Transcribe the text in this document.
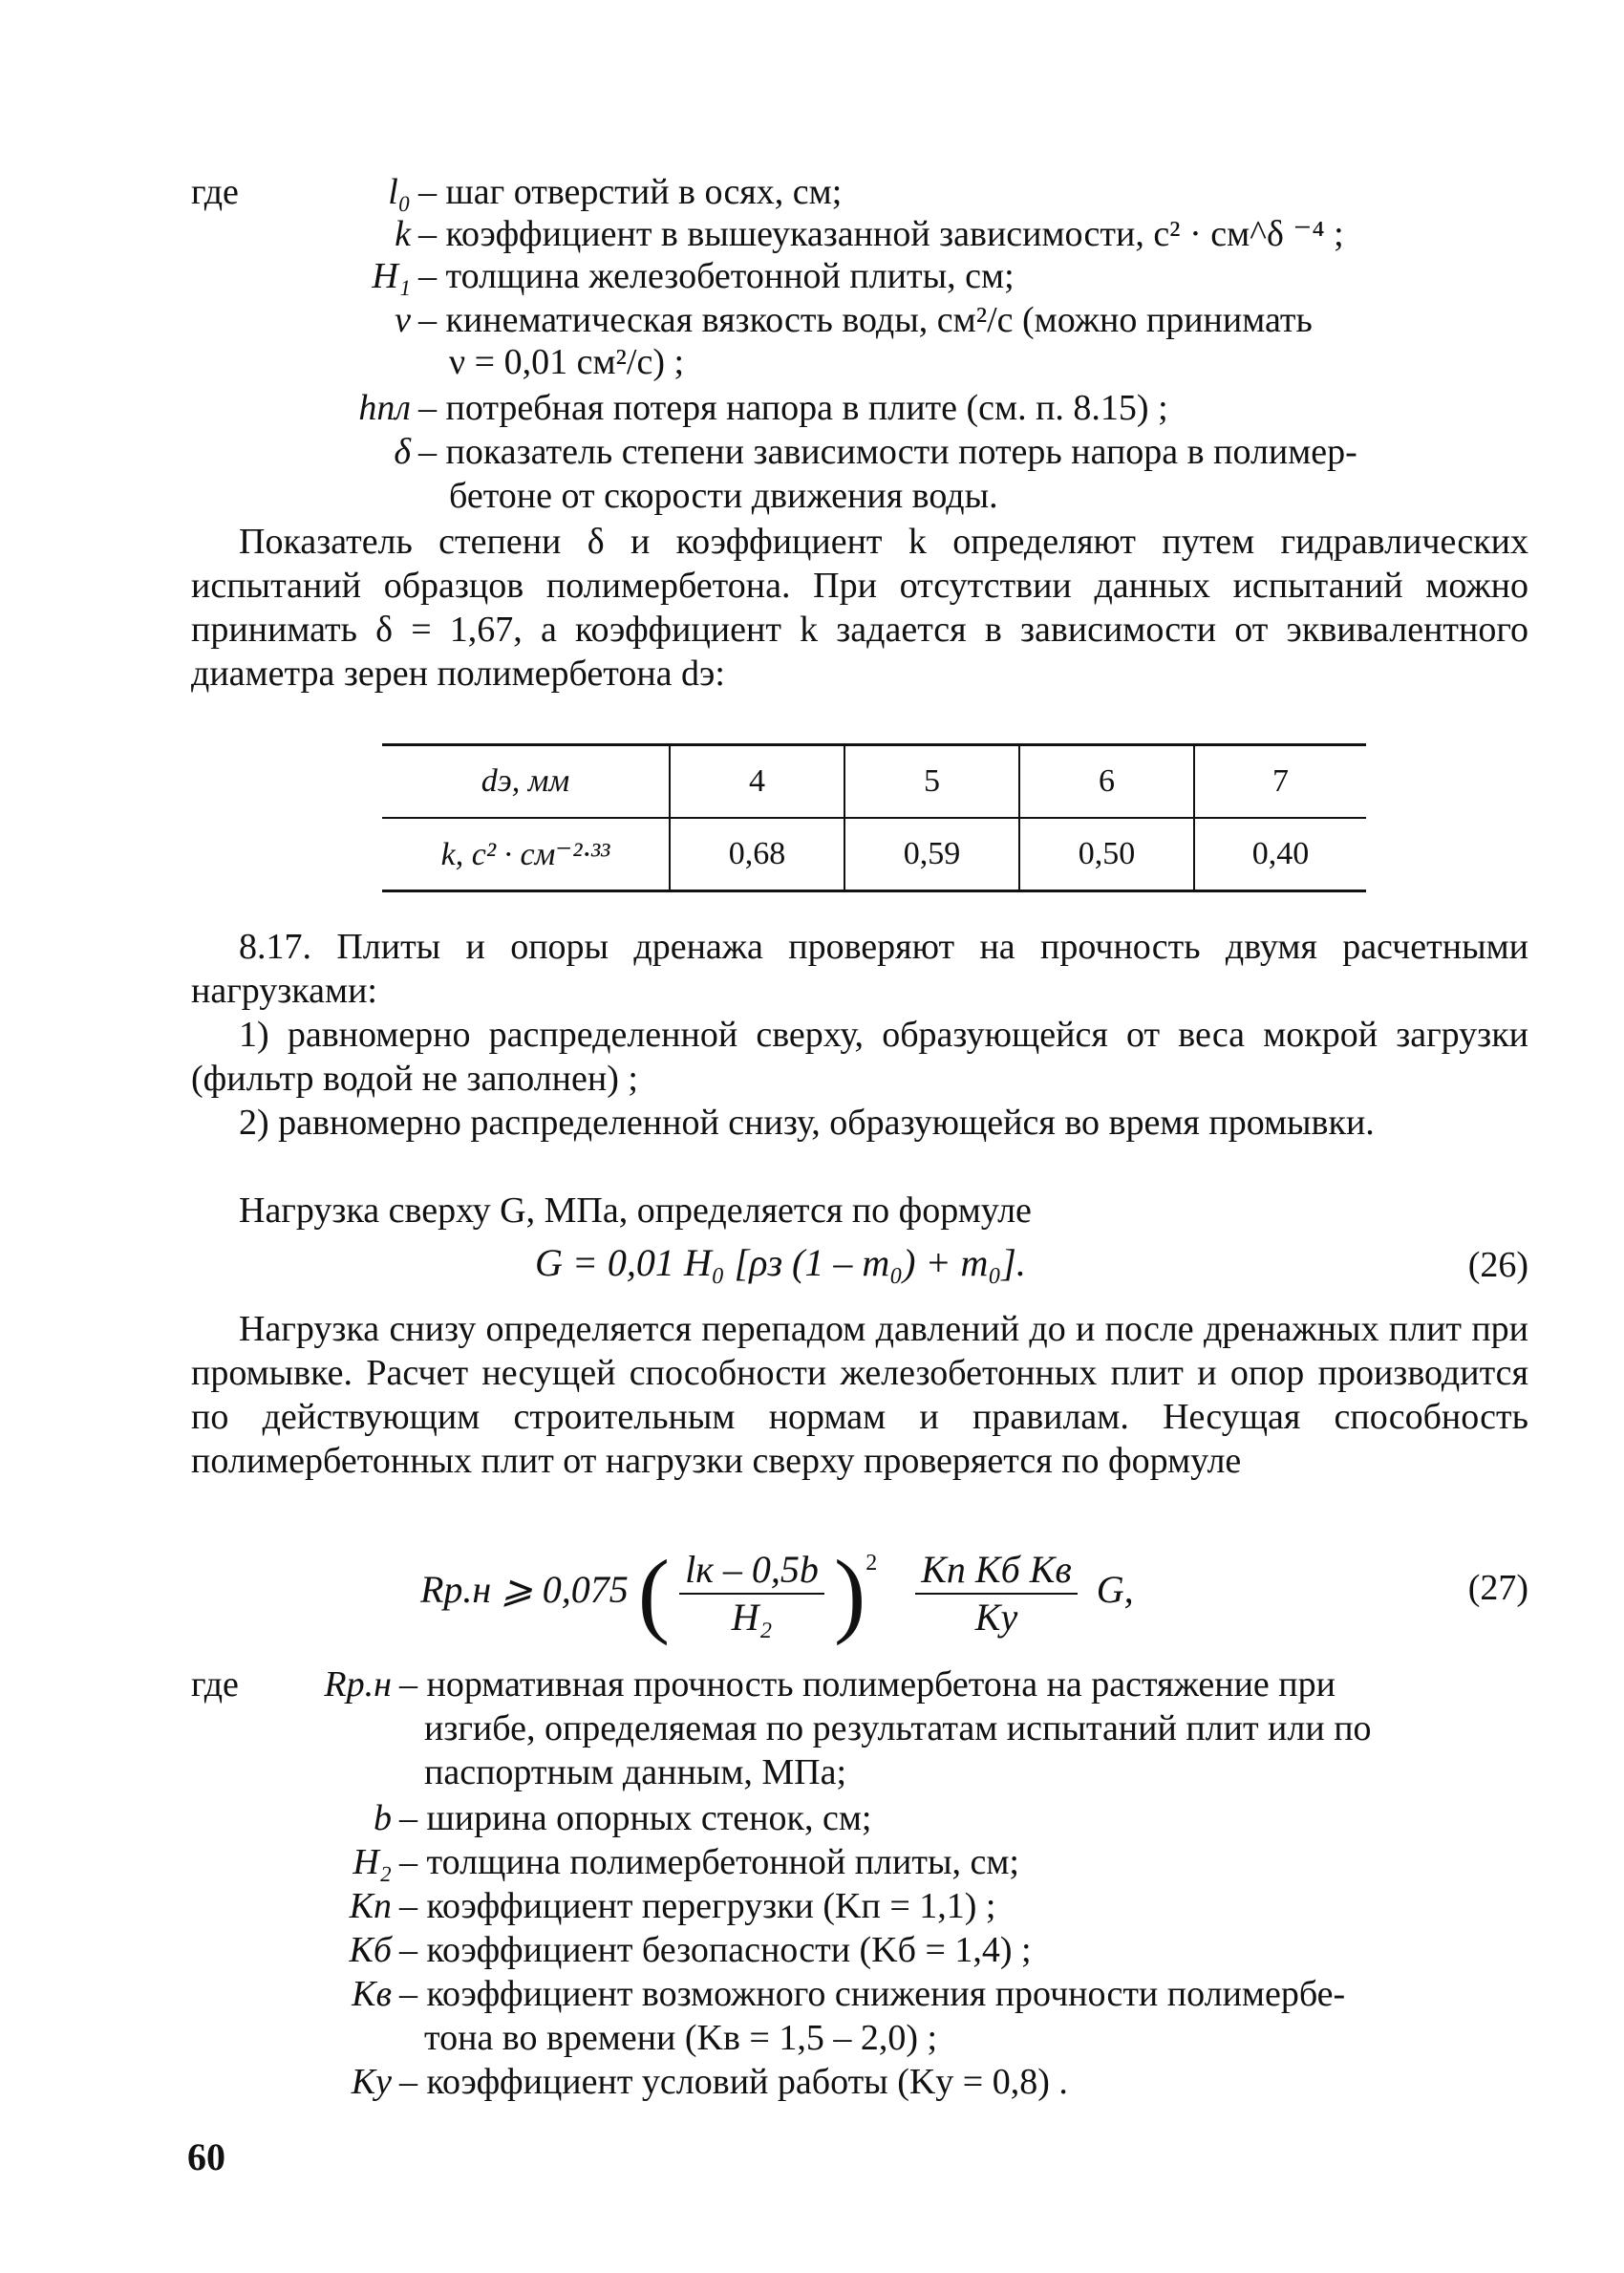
где	l₀ – шаг отверстий в осях, см;
k – коэффициент в вышеуказанной зависимости, с² · см^δ ⁻⁴ ;
H₁ – толщина железобетонной плиты, см;
ν – кинематическая вязкость воды, см²/с (можно принимать
ν = 0,01 см²/с) ;
hпл – потребная потеря напора в плите (см. п. 8.15) ;
δ – показатель степени зависимости потерь напора в полимер-
бетоне от скорости движения воды.
Показатель степени δ и коэффициент k определяют путем гидравлических испытаний образцов полимербетона. При отсутствии данных испытаний можно принимать δ = 1,67, а коэффициент k задается в зависимости от эквивалентного диаметра зерен полимербетона dэ:
dэ, мм	4	5	6	7
k, с² · см⁻²·³³	0,68	0,59	0,50	0,40
8.17. Плиты и опоры дренажа проверяют на прочность двумя расчетными нагрузками:
1) равномерно распределенной сверху, образующейся от веса мокрой загрузки (фильтр водой не заполнен) ;
2) равномерно распределенной снизу, образующейся во время промывки.
Нагрузка сверху G, МПа, определяется по формуле
G = 0,01 H₀ [ρз (1 – m₀) + m₀].	(26)
Нагрузка снизу определяется перепадом давлений до и после дренажных плит при промывке. Расчет несущей способности железобетонных плит и опор производится по действующим строительным нормам и правилам. Несущая способность полимербетонных плит от нагрузки сверху проверяется по формуле
Rр.н ⩾ 0,075 ( $\frac{lк - 0,5b}{\text{H₂}} )^2 \frac{\text{Kп Kб Kв}}{Kу} G$,	(27)
где	Rр.н – нормативная прочность полимербетона на растяжение при
изгибе, определяемая по результатам испытаний плит или по
паспортным данным, МПа;
b – ширина опорных стенок, см;
H₂ – толщина полимербетонной плиты, см;
Kп – коэффициент перегрузки (Kп = 1,1) ;
Kб – коэффициент безопасности (Kб = 1,4) ;
Kв – коэффициент возможного снижения прочности полимербе-
тона во времени (Kв = 1,5 – 2,0) ;
Kу – коэффициент условий работы (Kу = 0,8) .
60
